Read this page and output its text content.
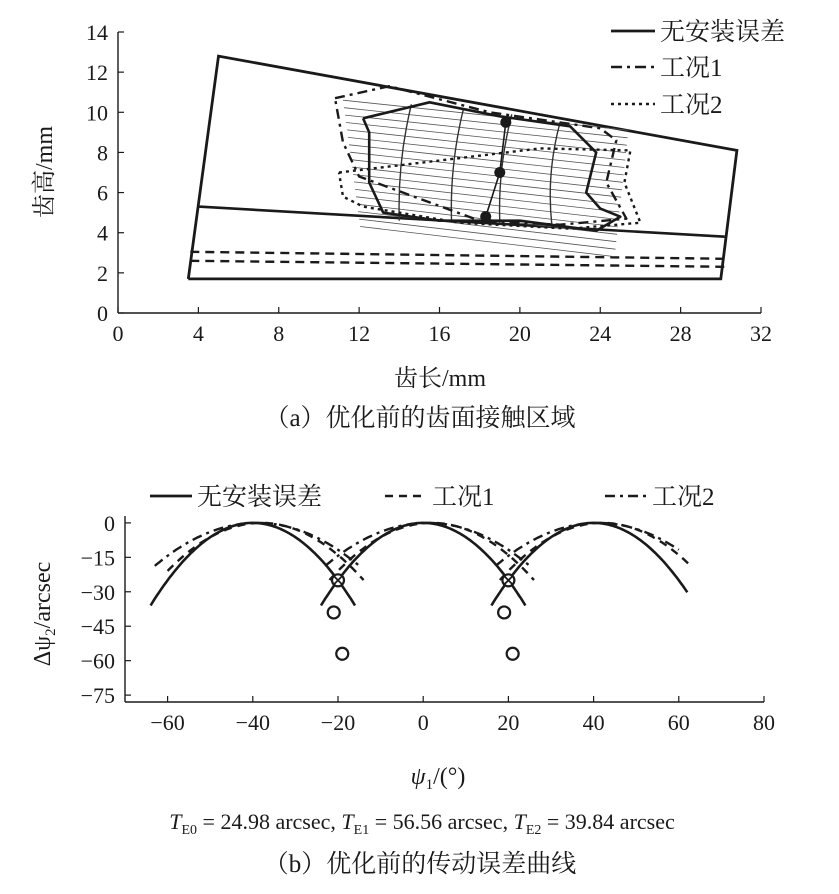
0	4	8	12	16	20	24	28	32
0
2
4
6
8
10
12
14	无安装误差
工况1
工况2
齿长/mm
齿高/mm
（a）优化前的齿面接触区域
无安装误差	工况1	工况2
−60 −40 −20	0	20	40	60	80
0
−15
−30
−45
−60
−75
$\psi_1/(^\circ)$
$\Delta\psi_2$/arcsec
$T_{E0} = 24.98$ arcsec, $T_{E1} = 56.56$ arcsec, $T_{E2} = 39.84$ arcsec
（b）优化前的传动误差曲线
